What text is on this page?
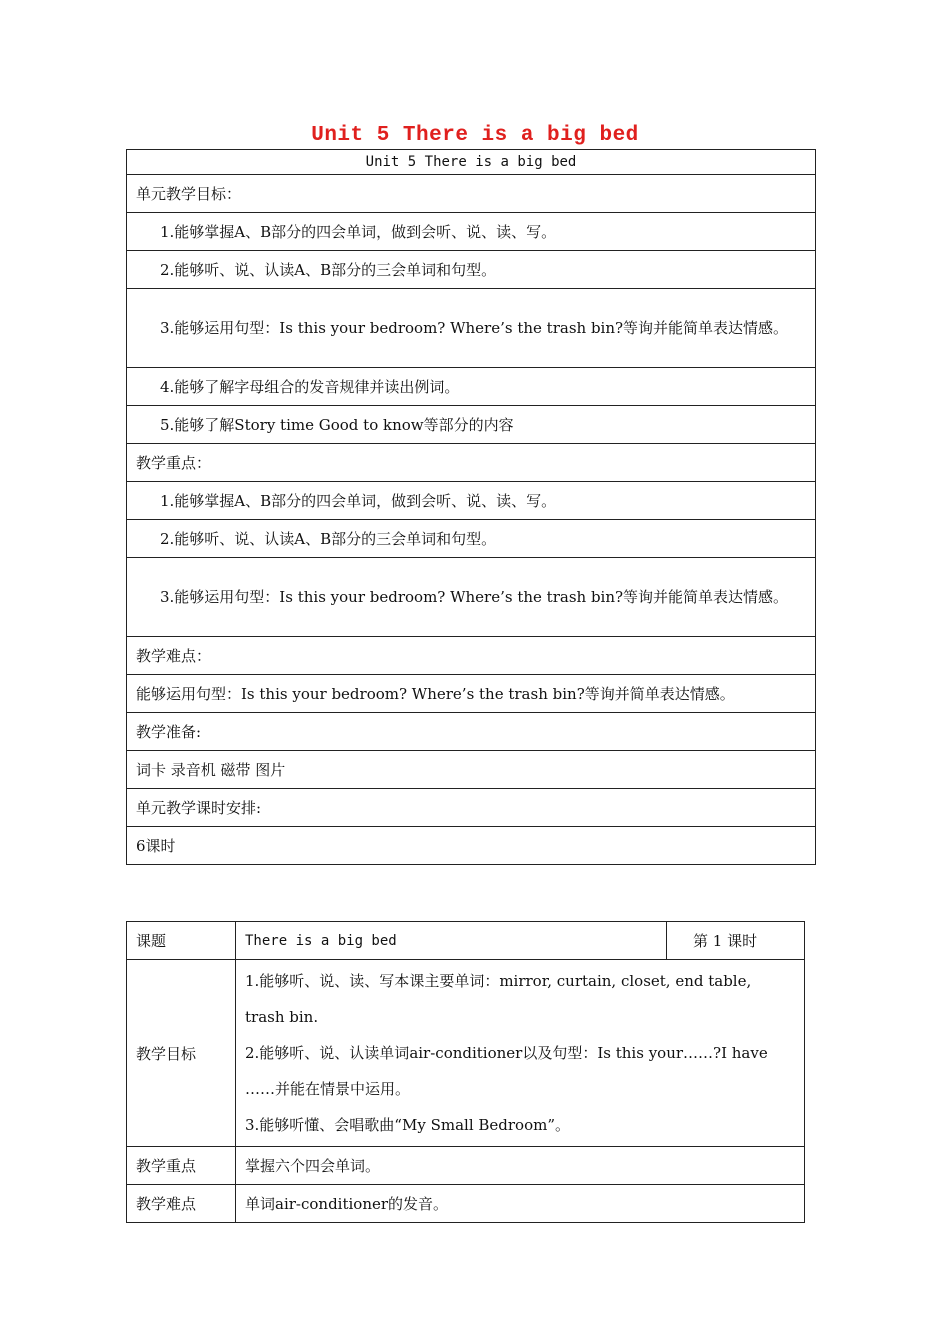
Unit 5 There is a big bed
Unit 5 There is a big bed
单元教学目标：
1.能够掌握A、B部分的四会单词，做到会听、说、读、写。
2.能够听、说、认读A、B部分的三会单词和句型。
3.能够运用句型：Is this your bedroom? Where’s the trash bin?等询并能简单表达情感。
4.能够了解字母组合的发音规律并读出例词。
5.能够了解Story time Good to know等部分的内容
教学重点：
1.能够掌握A、B部分的四会单词，做到会听、说、读、写。
2.能够听、说、认读A、B部分的三会单词和句型。
3.能够运用句型：Is this your bedroom? Where’s the trash bin?等询并能简单表达情感。
教学难点：
能够运用句型：Is this your bedroom? Where’s the trash bin?等询并简单表达情感。
教学准备:
词卡 录音机 磁带 图片
单元教学课时安排:
6课时
课题	There is a big bed	第 1 课时
教学目标	1.能够听、说、读、写本课主要单词：mirror, curtain, closet, end table, trash bin.
2.能够听、说、认读单词air-conditioner以及句型：Is this your……?I have ……并能在情景中运用。
3.能够听懂、会唱歌曲“My Small Bedroom”。	

教学重点	掌握六个四会单词。	
教学难点	单词air-conditioner的发音。	
